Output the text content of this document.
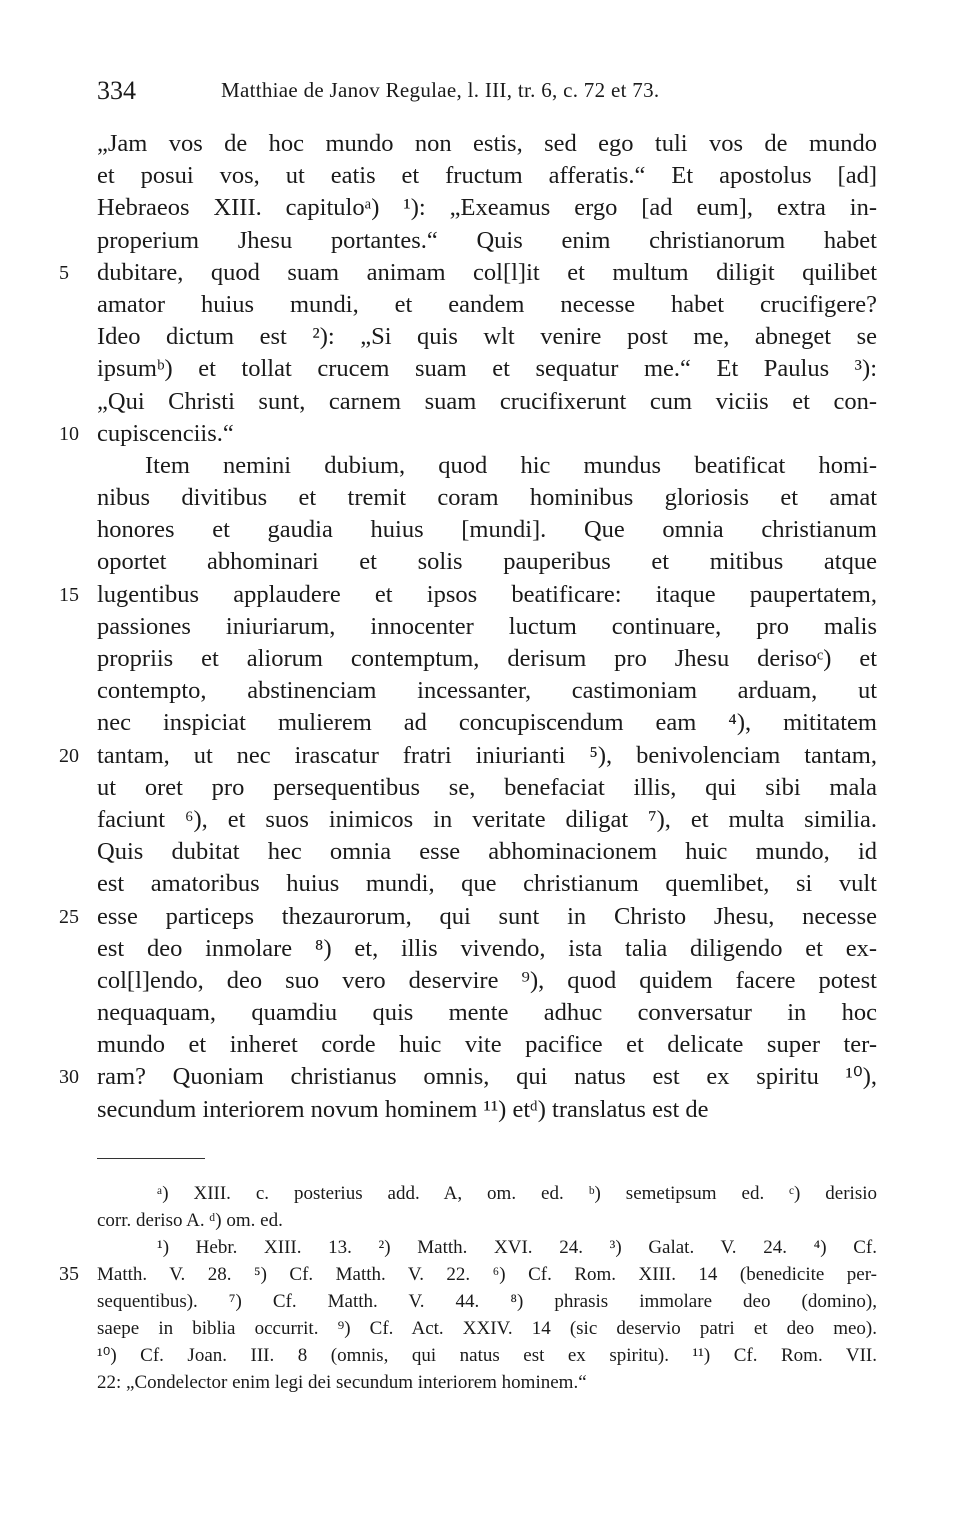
334	Matthiae de Janov Regulae, l. III, tr. 6, c. 72 et 73.
„Jam vos de hoc mundo non estis, sed ego tuli vos de mundo
et posui vos, ut eatis et fructum afferatis.“ Et apostolus [ad]
Hebraeos XIII. capituloᵃ) ¹): „Exeamus ergo [ad eum], extra in-
properium Jhesu portantes.“ Quis enim christianorum habet
5	dubitare, quod suam animam col[l]it et multum diligit quilibet
amator huius mundi, et eandem necesse habet crucifigere?
Ideo dictum est ²): „Si quis wlt venire post me, abneget se
ipsumᵇ) et tollat crucem suam et sequatur me.“ Et Paulus ³):
„Qui Christi sunt, carnem suam crucifixerunt cum viciis et con-
10 cupiscenciis.“
Item nemini dubium, quod hic mundus beatificat homi-
nibus divitibus et tremit coram hominibus gloriosis et amat
honores et gaudia huius [mundi]. Que omnia christianum
oportet abhominari et solis pauperibus et mitibus atque
15 lugentibus applaudere et ipsos beatificare: itaque paupertatem,
passiones iniuriarum, innocenter luctum continuare, pro malis
propriis et aliorum contemptum, derisum pro Jhesu derisoᶜ) et
contempto, abstinenciam incessanter, castimoniam arduam, ut
nec inspiciat mulierem ad concupiscendum eam ⁴), mititatem
20 tantam, ut nec irascatur fratri iniurianti ⁵), benivolenciam tantam,
ut oret pro persequentibus se, benefaciat illis, qui sibi mala
faciunt ⁶), et suos inimicos in veritate diligat ⁷), et multa similia.
Quis dubitat hec omnia esse abhominacionem huic mundo, id
est amatoribus huius mundi, que christianum quemlibet, si vult
25 esse particeps thezaurorum, qui sunt in Christo Jhesu, necesse
est deo inmolare ⁸) et, illis vivendo, ista talia diligendo et ex-
col[l]endo, deo suo vero deservire ⁹), quod quidem facere potest
nequaquam, quamdiu quis mente adhuc conversatur in hoc
mundo et inheret corde huic vite pacifice et delicate super ter-
30 ram? Quoniam christianus omnis, qui natus est ex spiritu ¹⁰),
secundum interiorem novum hominem ¹¹) etᵈ) translatus est de
ᵃ) XIII. c. posterius add. A, om. ed. ᵇ) semetipsum ed. ᶜ) derisio
corr. deriso A. ᵈ) om. ed.
¹) Hebr. XIII. 13. ²) Matth. XVI. 24. ³) Galat. V. 24. ⁴) Cf.
35 Matth. V. 28. ⁵) Cf. Matth. V. 22. ⁶) Cf. Rom. XIII. 14 (benedicite per-
sequentibus). ⁷) Cf. Matth. V. 44. ⁸) phrasis immolare deo (domino),
saepe in biblia occurrit. ⁹) Cf. Act. XXIV. 14 (sic deservio patri et deo meo).
¹⁰) Cf. Joan. III. 8 (omnis, qui natus est ex spiritu). ¹¹) Cf. Rom. VII.
22: „Condelector enim legi dei secundum interiorem hominem.“
